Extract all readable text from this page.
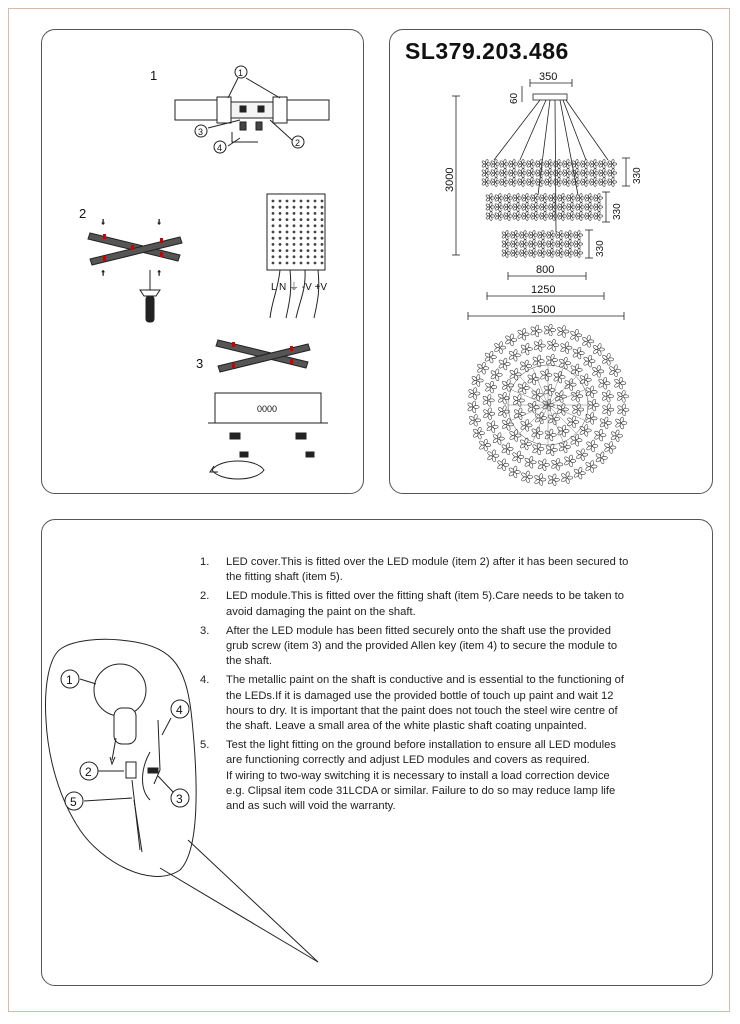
1	1
3
2
4
2
↓	↓
↑	↑
L N ⏚ -V +V
3
0000
SL379.203.486
350
60
3000	330
330
330
800
1250
1500
1
2
3
4
5
1.	LED cover.This is fitted over the LED module (item 2) after it has been secured to the fitting shaft (item 5).
2.	LED module.This is fitted over the fitting shaft (item 5).Care needs to be taken to avoid damaging the paint on the shaft.
3.	After the LED module has been fitted securely onto the shaft use the provided grub screw (item 3) and the provided Allen key (item 4) to secure the module to the shaft.
4.	The metallic paint on the shaft is conductive and is essential to the functioning of the LEDs.If it is damaged use the provided bottle of touch up paint and wait 12 hours to dry. It is important that the paint does not touch the steel wire centre of the shaft. Leave a small area of the white plastic shaft coating unpainted.
5.	Test the light fitting on the ground before installation to ensure all LED modules are functioning correctly and adjust LED modules and covers as required.
If wiring to two-way switching it is necessary to install a load correction device e.g. Clipsal item code 31LCDA or similar. Failure to do so may reduce lamp life and as such will void the warranty.
